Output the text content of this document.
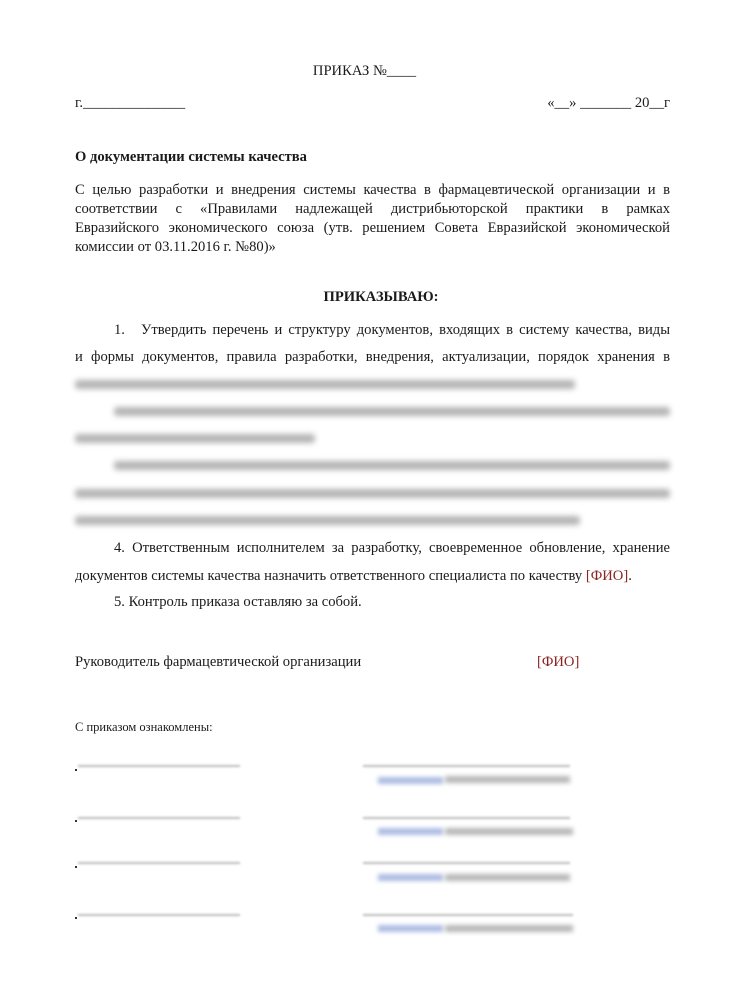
ПРИКАЗ №____
г.______________	«__» _______ 20__г
О документации системы качества
С целью разработки и внедрения системы качества в фармацевтической организации и в
соответствии с «Правилами надлежащей дистрибьюторской практики в рамках
Евразийского экономического союза (утв. решением Совета Евразийской экономической
комиссии от 03.11.2016 г. №80)»
ПРИКАЗЫВАЮ:
1. Утвердить перечень и структуру документов, входящих в систему качества, виды
и формы документов, правила разработки, внедрения, актуализации, порядок хранения в
4. Ответственным исполнителем за разработку, своевременное обновление, хранение
документов системы качества назначить ответственного специалиста по качеству [ФИО].
5. Контроль приказа оставляю за собой.
Руководитель фармацевтической организации	[ФИО]
С приказом ознакомлены:
